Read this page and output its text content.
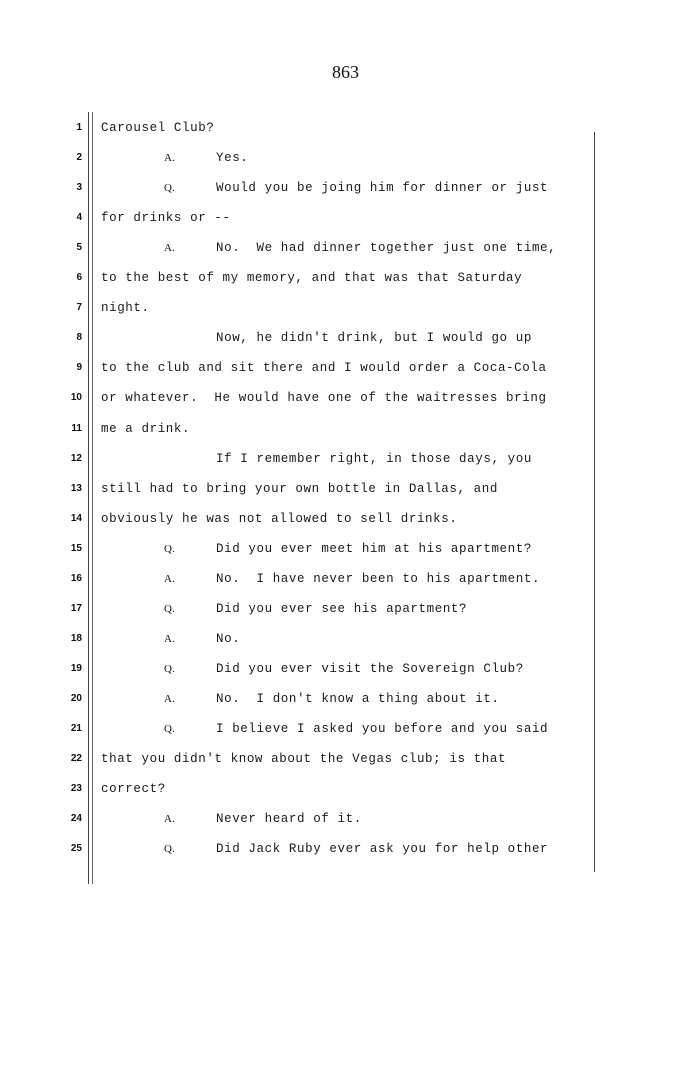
863
1 Carousel Club?
2	A.	Yes.
3	Q.	Would you be joing him for dinner or just
4 for drinks or --
5	A.	No.  We had dinner together just one time,
6 to the best of my memory, and that was that Saturday
7 night.
8	Now, he didn't drink, but I would go up
9 to the club and sit there and I would order a Coca-Cola
10 or whatever.  He would have one of the waitresses bring
11 me a drink.
12	If I remember right, in those days, you
13 still had to bring your own bottle in Dallas, and
14 obviously he was not allowed to sell drinks.
15	Q.	Did you ever meet him at his apartment?
16	A.	No.  I have never been to his apartment.
17	Q.	Did you ever see his apartment?
18	A.	No.
19	Q.	Did you ever visit the Sovereign Club?
20	A.	No.  I don't know a thing about it.
21	Q.	I believe I asked you before and you said
22 that you didn't know about the Vegas club; is that
23 correct?
24	A.	Never heard of it.
25	Q.	Did Jack Ruby ever ask you for help other
